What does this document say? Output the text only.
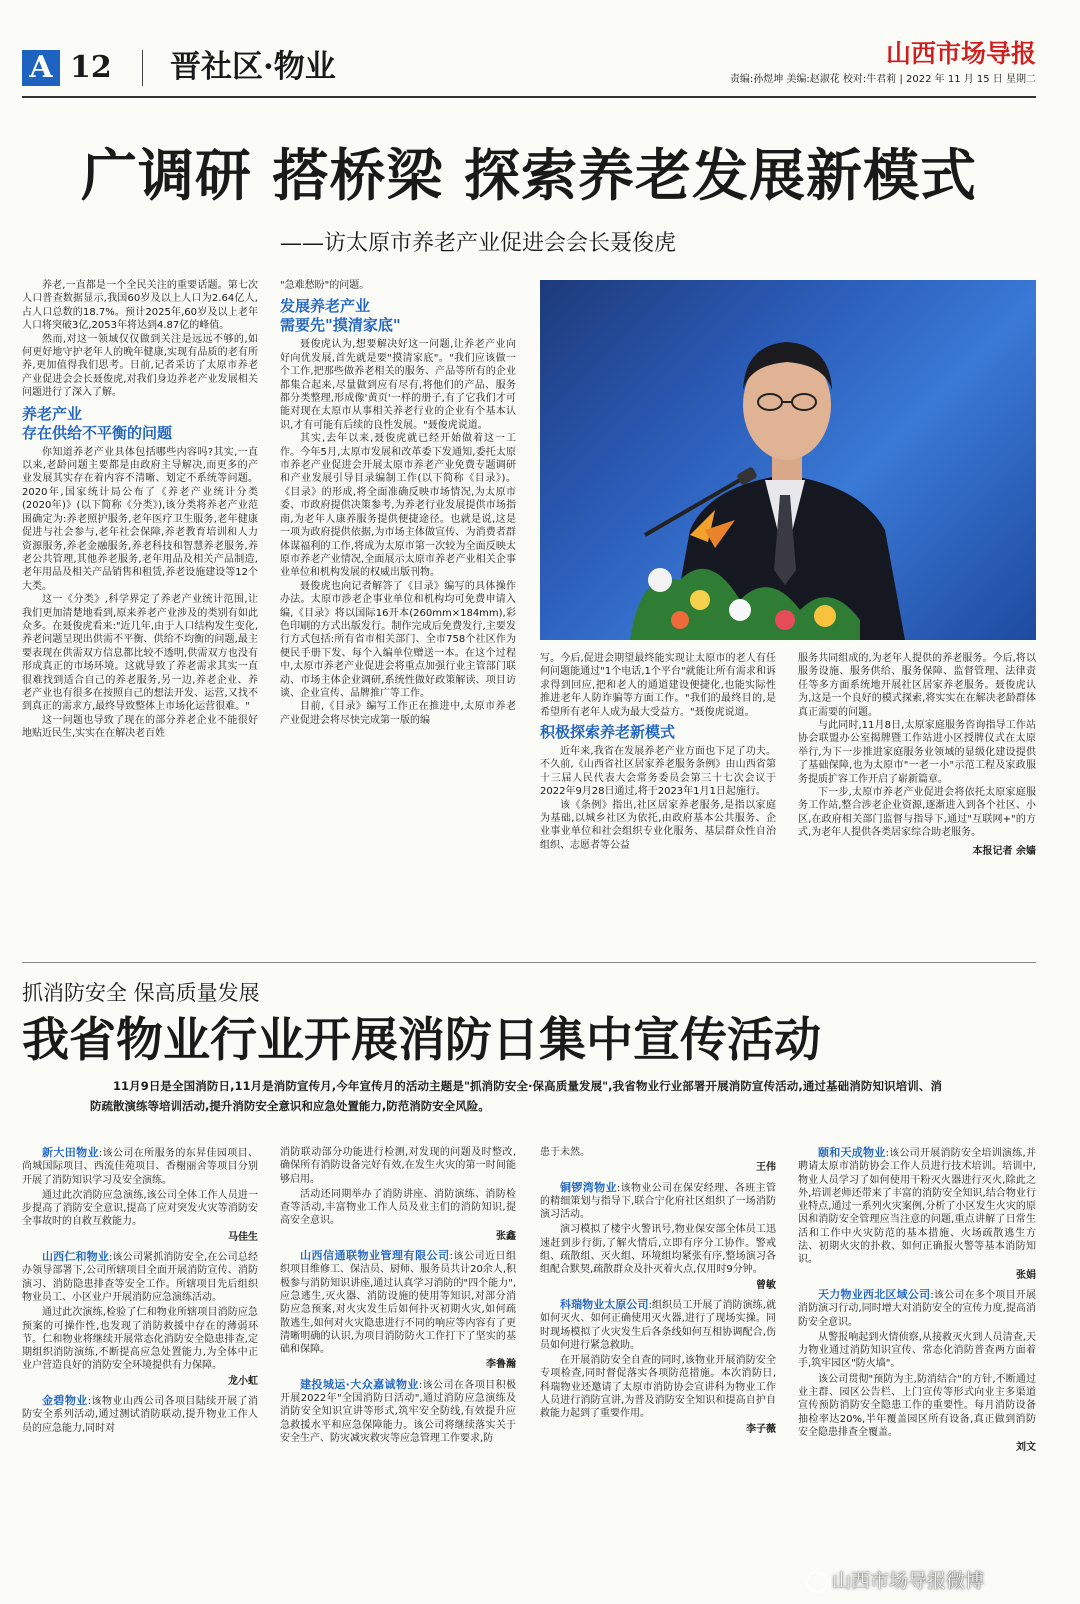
A 12 晋社区·物业	山西市场导报
责编:孙煜坤 美编:赵淑花 校对:牛君莉 | 2022 年 11 月 15 日 星期二
广调研 搭桥梁 探索养老发展新模式
——访太原市养老产业促进会会长聂俊虎

养老,一直都是一个全民关注的重要话题。第七次人口普查数据显示,我国60岁及以上人口为2.64亿人,占人口总数的18.7%。预计2025年,60岁及以上老年人口将突破3亿,2053年将达到4.87亿的峰值。

然而,对这一领域仅仅做到关注是远远不够的,如何更好地守护老年人的晚年健康,实现有品质的老有所养,更加值得我们思考。日前,记者采访了太原市养老产业促进会会长聂俊虎,对我们身边养老产业发展相关问题进行了深入了解。

养老产业
存在供给不平衡的问题

你知道养老产业具体包括哪些内容吗?其实,一直以来,老龄问题主要都是由政府主导解决,而更多的产业发展其实存在着内容不清晰、划定不系统等问题。2020年,国家统计局公布了《养老产业统计分类(2020年)》(以下简称《分类》),该分类将养老产业范围确定为:养老照护服务,老年医疗卫生服务,老年健康促进与社会参与,老年社会保障,养老教育培训和人力资源服务,养老金融服务,养老科技和智慧养老服务,养老公共管理,其他养老服务,老年用品及相关产品制造,老年用品及相关产品销售和租赁,养老设施建设等12个大类。

这一《分类》,科学界定了养老产业统计范围,让我们更加清楚地看到,原来养老产业涉及的类别有如此众多。在聂俊虎看来:"近几年,由于人口结构发生变化,养老问题呈现出供需不平衡、供给不均衡的问题,最主要表现在供需双方信息都比较不透明,供需双方也没有形成真正的市场环境。这就导致了养老需求其实一直很难找到适合自己的养老服务,另一边,养老企业、养老产业也有很多在按照自己的想法开发、运营,又找不到真正的需求方,最终导致整体上市场化运营很难。"

这一问题也导致了现在的部分养老企业不能很好地贴近民生,实实在在解决老百姓

"急难愁盼"的问题。

发展养老产业
需要先"摸清家底"

聂俊虎认为,想要解决好这一问题,让养老产业向好向优发展,首先就是要"摸清家底"。"我们应该做一个工作,把那些做养老相关的服务、产品等所有的企业都集合起来,尽量做到应有尽有,将他们的产品、服务都分类整理,形成像'黄页'一样的册子,有了它我们才可能对现在太原市从事相关养老行业的企业有个基本认识,才有可能有后续的良性发展。"聂俊虎说道。

其实,去年以来,聂俊虎就已经开始做着这一工作。今年5月,太原市发展和改革委下发通知,委托太原市养老产业促进会开展太原市养老产业免费专题调研和产业发展引导目录编制工作(以下简称《目录》)。《目录》的形成,将全面准确反映市场情况,为太原市委、市政府提供决策参考,为养老行业发展提供市场指南,为老年人康养服务提供便捷途径。也就是说,这是一项为政府提供依据,为市场主体做宣传、为消费者群体谋福利的工作,将成为太原市第一次较为全面反映太原市养老产业情况,全面展示太原市养老产业相关企事业单位和机构发展的权威出版刊物。

聂俊虎也向记者解答了《目录》编写的具体操作办法。太原市涉老企事业单位和机构均可免费申请入编,《目录》将以国际16开本(260mm×184mm),彩色印刷的方式出版发行。制作完成后免费发行,主要发行方式包括:所有省市相关部门、全市758个社区作为便民手册下发、每个入编单位赠送一本。在这个过程中,太原市养老产业促进会将重点加强行业主管部门联动、市场主体企业调研,系统性做好政策解读、项目访谈、企业宣传、品牌推广等工作。

目前,《目录》编写工作正在推进中,太原市养老产业促进会将尽快完成第一版的编

写。今后,促进会期望最终能实现让太原市的老人有任何问题能通过"1个电话,1个平台"就能让所有需求和诉求得到回应,把和老人的通道建设便捷化,也能实际性推进老年人防诈骗等方面工作。"我们的最终目的,是希望所有老年人成为最大受益方。"聂俊虎说道。

积极探索养老新模式

近年来,我省在发展养老产业方面也下足了功夫。不久前,《山西省社区居家养老服务条例》由山西省第十三届人民代表大会常务委员会第三十七次会议于2022年9月28日通过,将于2023年1月1日起施行。

该《条例》指出,社区居家养老服务,是指以家庭为基础,以城乡社区为依托,由政府基本公共服务、企业事业单位和社会组织专业化服务、基层群众性自治组织、志愿者等公益

服务共同组成的,为老年人提供的养老服务。今后,将以服务设施、服务供给、服务保障、监督管理、法律责任等多方面系统地开展社区居家养老服务。聂俊虎认为,这是一个良好的模式探索,将实实在在解决老龄群体真正需要的问题。

与此同时,11月8日,太原家庭服务咨询指导工作站协会联盟办公室揭牌暨工作站进小区授牌仪式在太原举行,为下一步推进家庭服务业领域的显级化建设提供了基础保障,也为太原市"一老一小"示范工程及家政服务提质扩容工作开启了崭新篇章。

下一步,太原市养老产业促进会将依托太原家庭服务工作站,整合涉老企业资源,逐渐进入到各个社区、小区,在政府相关部门监督与指导下,通过"互联网+"的方式,为老年人提供各类居家综合助老服务。

本报记者 余嫱
抓消防安全 保高质量发展
我省物业行业开展消防日集中宣传活动
11月9日是全国消防日,11月是消防宣传月,今年宣传月的活动主题是"抓消防安全·保高质量发展",我省物业行业部署开展消防宣传活动,通过基础消防知识培训、消防疏散演练等培训活动,提升消防安全意识和应急处置能力,防范消防安全风险。

新大田物业:该公司在所服务的东昇佳园项目、尚城国际项目、西流佳苑项目、香榭丽舍等项目分别开展了消防知识学习及安全演练。

通过此次消防应急演练,该公司全体工作人员进一步提高了消防安全意识,提高了应对突发火灾等消防安全事故时的自救互救能力。

马佳生

山西仁和物业:该公司紧抓消防安全,在公司总经办领导部署下,公司所辖项目全面开展消防宣传、消防演习、消防隐患排查等安全工作。所辖项目先后组织物业员工、小区业户开展消防应急演练活动。

通过此次演练,检验了仁和物业所辖项目消防应急预案的可操作性,也发现了消防救援中存在的薄弱环节。仁和物业将继续开展常态化消防安全隐患排查,定期组织消防演练,不断提高应急处置能力,为全体中正业户营造良好的消防安全环境提供有力保障。

龙小虹

金碧物业:该物业山西公司各项目陆续开展了消防安全系列活动,通过测试消防联动,提升物业工作人员的应急能力,同时对

消防联动部分功能进行检测,对发现的问题及时整改,确保所有消防设备完好有效,在发生火灾的第一时间能够启用。

活动还同期举办了消防讲座、消防演练、消防检查等活动,丰富物业工作人员及业主们的消防知识,提高安全意识。

张鑫

山西信通联物业管理有限公司:该公司近日组织项目维修工、保洁员、厨师、服务员共计20余人,积极参与消防知识讲座,通过认真学习消防的"四个能力",应急逃生,灭火器、消防设施的使用等知识,对部分消防应急预案,对火灾发生后如何扑灭初期火灾,如何疏散逃生,如何对火灾隐患进行不同的响应等内容有了更清晰明确的认识,为项目消防防火工作打下了坚实的基础和保障。

李鲁瀚

建投城运·大众嘉诚物业:该公司在各项目积极开展2022年"全国消防日活动",通过消防应急演练及消防安全知识宣讲等形式,筑牢安全防线,有效提升应急救援水平和应急保障能力。该公司将继续落实关于安全生产、防灾减灾救灾等应急管理工作要求,防

患于未然。

王伟

铜锣湾物业:该物业公司在保安经理、各班主管的精细策划与指导下,联合宁化府社区组织了一场消防演习活动。

演习模拟了楼宇火警讯号,物业保安部全体员工迅速赶到步行街,了解火情后,立即有序分工协作。警戒组、疏散组、灭火组、环境组均紧张有序,整场演习各组配合默契,疏散群众及扑灭着火点,仅用时9分钟。

曾敏

科瑞物业太原公司:组织员工开展了消防演练,就如何灭火、如何正确使用灭火器,进行了现场实操。同时现场模拟了火灾发生后各条线如何互相协调配合,伤员如何进行紧急救助。

在开展消防安全自查的同时,该物业开展消防安全专项检查,同时督促落实各项防范措施。本次消防日,科瑞物业还邀请了太原市消防协会宣讲科为物业工作人员进行消防宣讲,为普及消防安全知识和提高自护自救能力起到了重要作用。

李子薇

颐和天成物业:该公司开展消防安全培训演练,并聘请太原市消防协会工作人员进行技术培训。培训中,物业人员学习了如何使用干粉灭火器进行灭火,除此之外,培训老师还带来了丰富的消防安全知识,结合物业行业特点,通过一系列火灾案例,分析了小区发生火灾的原因和消防安全管理应当注意的问题,重点讲解了日常生活和工作中火灾防范的基本措施、火场疏散逃生方法、初期火灾的扑救、如何正确报火警等基本消防知识。

张娟

天力物业西北区域公司:该公司在多个项目开展消防演习行动,同时增大对消防安全的宣传力度,提高消防安全意识。

从警报响起到火情侦察,从接救灭火到人员清查,天力物业通过消防知识宣传、常态化消防普查两方面着手,筑牢园区"防火墙"。

该公司贯彻"预防为主,防消结合"的方针,不断通过业主群、园区公告栏、上门宣传等形式向业主多渠道宣传预防消防安全隐患工作的重要性。每月消防设备抽检率达20%,半年覆盖园区所有设备,真正做到消防安全隐患排查全覆盖。

刘文
山西市场导报微博
